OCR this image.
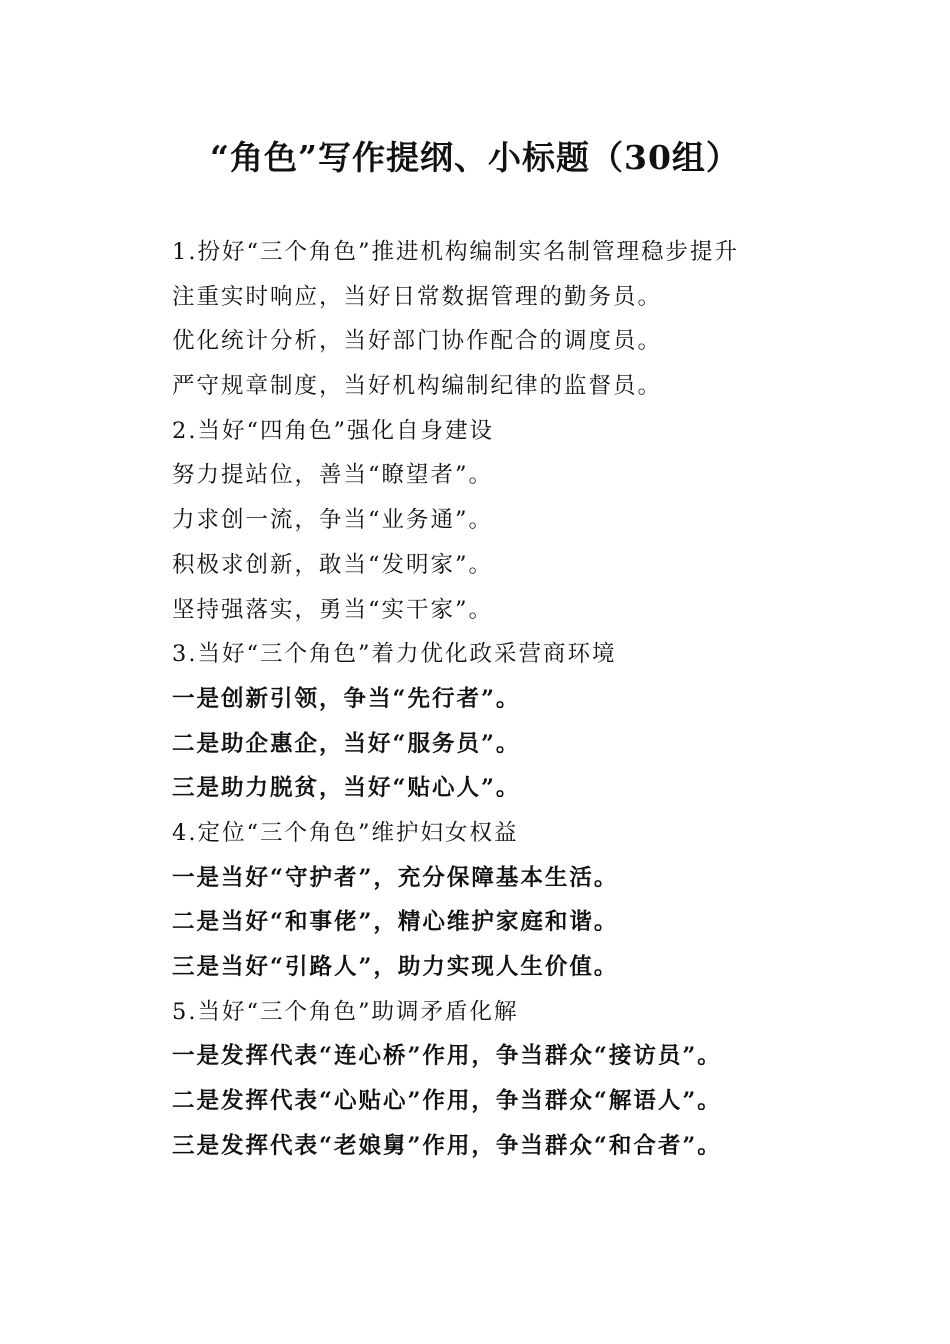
“角色”写作提纲、小标题（30组）
1.扮好“三个角色”推进机构编制实名制管理稳步提升
注重实时响应，当好日常数据管理的勤务员。
优化统计分析，当好部门协作配合的调度员。
严守规章制度，当好机构编制纪律的监督员。
2.当好“四角色”强化自身建设
努力提站位，善当“瞭望者”。
力求创一流，争当“业务通”。
积极求创新，敢当“发明家”。
坚持强落实，勇当“实干家”。
3.当好“三个角色”着力优化政采营商环境
一是创新引领，争当“先行者”。
二是助企惠企，当好“服务员”。
三是助力脱贫，当好“贴心人”。
4.定位“三个角色”维护妇女权益
一是当好“守护者”，充分保障基本生活。
二是当好“和事佬”，精心维护家庭和谐。
三是当好“引路人”，助力实现人生价值。
5.当好“三个角色”助调矛盾化解
一是发挥代表“连心桥”作用，争当群众“接访员”。
二是发挥代表“心贴心”作用，争当群众“解语人”。
三是发挥代表“老娘舅”作用，争当群众“和合者”。
